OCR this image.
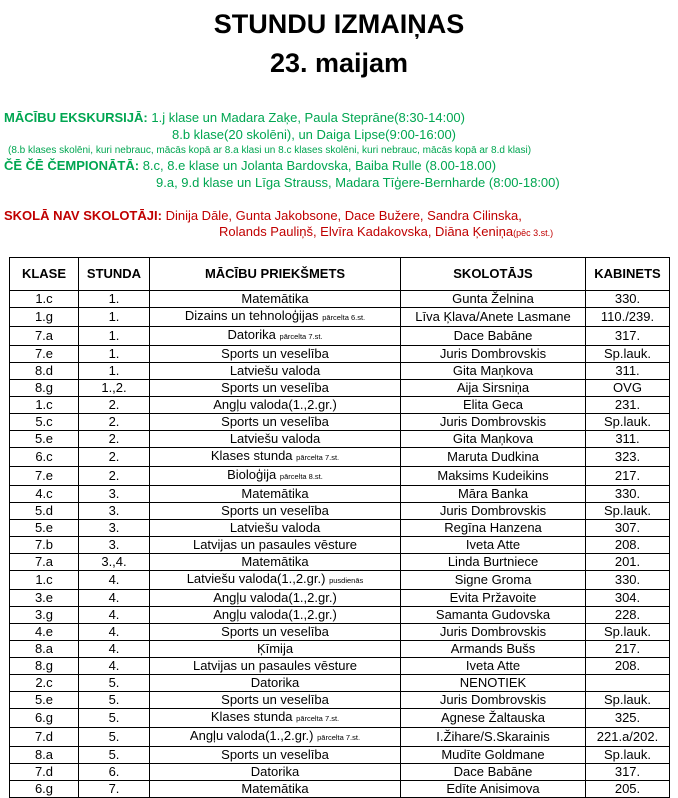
STUNDU IZMAIŅAS
23. maijam
MĀCĪBU EKSKURSIJĀ: 1.j klase un Madara Zaķe, Paula Steprāne(8:30-14:00)
8.b klase(20 skolēni), un Daiga Lipse(9:00-16:00)
(8.b klases skolēni, kuri nebrauc, mācās kopā ar 8.a klasi un 8.c klases skolēni, kuri nebrauc, mācās kopā ar 8.d klasi)
ČĒ ČĒ ČEMPIONĀTĀ: 8.c, 8.e klase un Jolanta Bardovska, Baiba Rulle (8.00-18.00)
9.a, 9.d klase un Līga Strauss, Madara Tīģere-Bernharde (8:00-18:00)
SKOLĀ NAV SKOLOTĀJI: Dinija Dāle, Gunta Jakobsone, Dace Bužere, Sandra Cilinska,
Rolands Pauliņš, Elvīra Kadakovska, Diāna Ķeniņa(pēc 3.st.)
KLASE	STUNDA	MĀCĪBU PRIEKŠMETS	SKOLOTĀJS	KABINETS
1.c	1.	Matemātika	Gunta Želnina	330.
1.g	1.	Dizains un tehnoloģijas pārcelta 6.st.	Līva Ķlava/Anete Lasmane	110./239.
7.a	1.	Datorika pārcelta 7.st.	Dace Babāne	317.
7.e	1.	Sports un veselība	Juris Dombrovskis	Sp.lauk.
8.d	1.	Latviešu valoda	Gita Maņkova	311.
8.g	1.,2.	Sports un veselība	Aija Sirsniņa	OVG
1.c	2.	Angļu valoda(1.,2.gr.)	Elita Geca	231.
5.c	2.	Sports un veselība	Juris Dombrovskis	Sp.lauk.
5.e	2.	Latviešu valoda	Gita Maņkova	311.
6.c	2.	Klases stunda pārcelta 7.st.	Maruta Dudkina	323.
7.e	2.	Bioloģija pārcelta 8.st.	Maksims Kudeikins	217.
4.c	3.	Matemātika	Māra Banka	330.
5.d	3.	Sports un veselība	Juris Dombrovskis	Sp.lauk.
5.e	3.	Latviešu valoda	Regīna Hanzena	307.
7.b	3.	Latvijas un pasaules vēsture	Iveta Atte	208.
7.a	3.,4.	Matemātika	Linda Burtniece	201.
1.c	4.	Latviešu valoda(1.,2.gr.) pusdienās	Signe Groma	330.
3.e	4.	Angļu valoda(1.,2.gr.)	Evita Pržavoite	304.
3.g	4.	Angļu valoda(1.,2.gr.)	Samanta Gudovska	228.
4.e	4.	Sports un veselība	Juris Dombrovskis	Sp.lauk.
8.a	4.	Ķīmija	Armands Bušs	217.
8.g	4.	Latvijas un pasaules vēsture	Iveta Atte	208.
2.c	5.	Datorika	NENOTIEK	
5.e	5.	Sports un veselība	Juris Dombrovskis	Sp.lauk.
6.g	5.	Klases stunda pārcelta 7.st.	Agnese Žaltauska	325.
7.d	5.	Angļu valoda(1.,2.gr.) pārcelta 7.st.	I.Žihare/S.Skarainis	221.a/202.
8.a	5.	Sports un veselība	Mudīte Goldmane	Sp.lauk.
7.d	6.	Datorika	Dace Babāne	317.
6.g	7.	Matemātika	Edīte Anisimova	205.
